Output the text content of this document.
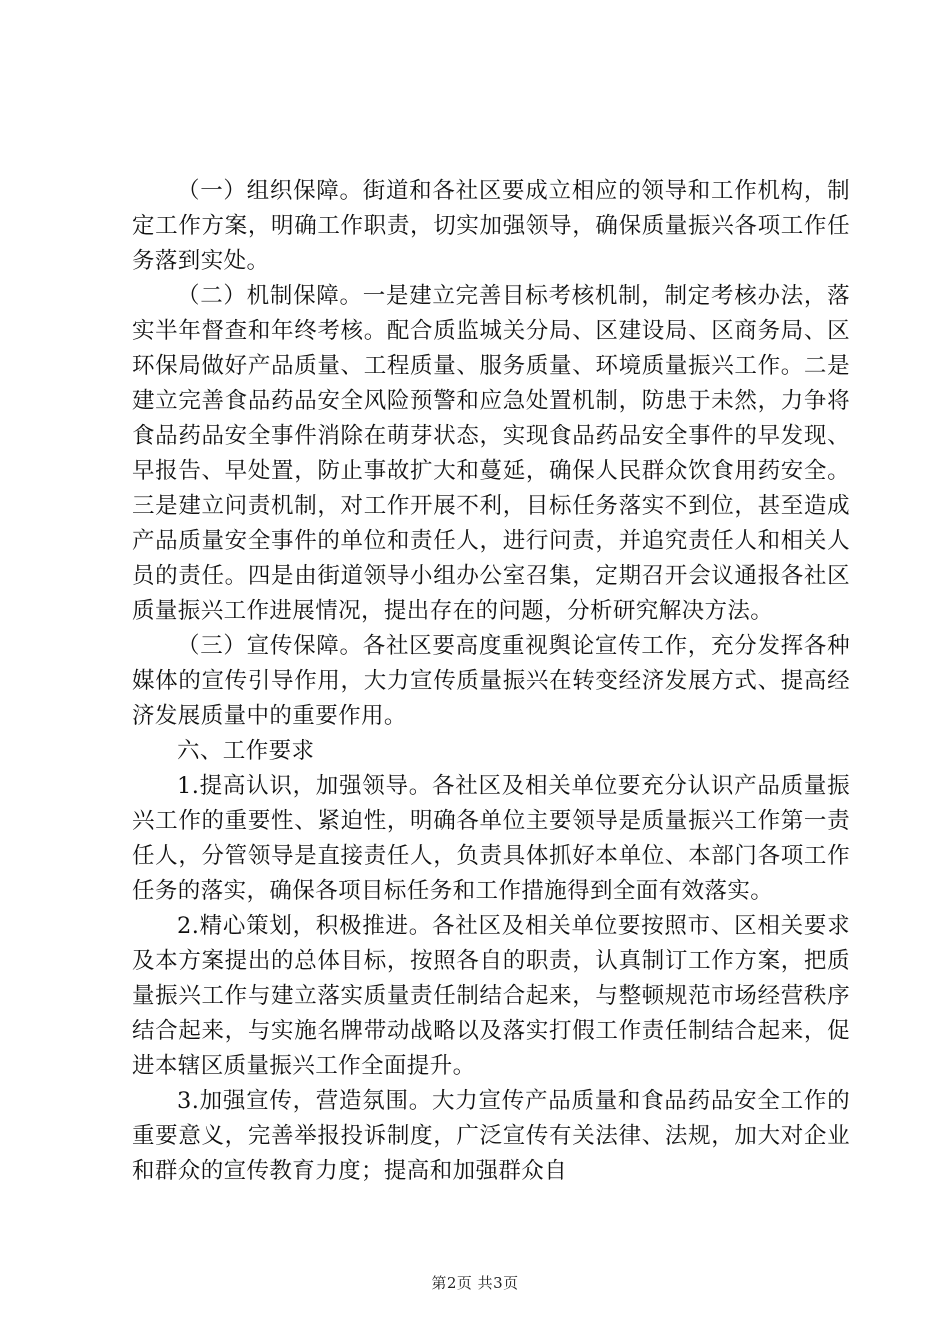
（一）组织保障。街道和各社区要成立相应的领导和工作机构，制定工作方案，明确工作职责，切实加强领导，确保质量振兴各项工作任务落到实处。

（二）机制保障。一是建立完善目标考核机制，制定考核办法，落实半年督查和年终考核。配合质监城关分局、区建设局、区商务局、区环保局做好产品质量、工程质量、服务质量、环境质量振兴工作。二是建立完善食品药品安全风险预警和应急处置机制，防患于未然，力争将食品药品安全事件消除在萌芽状态，实现食品药品安全事件的早发现、早报告、早处置，防止事故扩大和蔓延，确保人民群众饮食用药安全。三是建立问责机制，对工作开展不利，目标任务落实不到位，甚至造成产品质量安全事件的单位和责任人，进行问责，并追究责任人和相关人员的责任。四是由街道领导小组办公室召集，定期召开会议通报各社区质量振兴工作进展情况，提出存在的问题，分析研究解决方法。

（三）宣传保障。各社区要高度重视舆论宣传工作，充分发挥各种媒体的宣传引导作用，大力宣传质量振兴在转变经济发展方式、提高经济发展质量中的重要作用。

六、工作要求

1.提高认识，加强领导。各社区及相关单位要充分认识产品质量振兴工作的重要性、紧迫性，明确各单位主要领导是质量振兴工作第一责任人，分管领导是直接责任人，负责具体抓好本单位、本部门各项工作任务的落实，确保各项目标任务和工作措施得到全面有效落实。

2.精心策划，积极推进。各社区及相关单位要按照市、区相关要求及本方案提出的总体目标，按照各自的职责，认真制订工作方案，把质量振兴工作与建立落实质量责任制结合起来，与整顿规范市场经营秩序结合起来，与实施名牌带动战略以及落实打假工作责任制结合起来，促进本辖区质量振兴工作全面提升。

3.加强宣传，营造氛围。大力宣传产品质量和食品药品安全工作的重要意义，完善举报投诉制度，广泛宣传有关法律、法规，加大对企业和群众的宣传教育力度；提高和加强群众自

第2页 共3页
